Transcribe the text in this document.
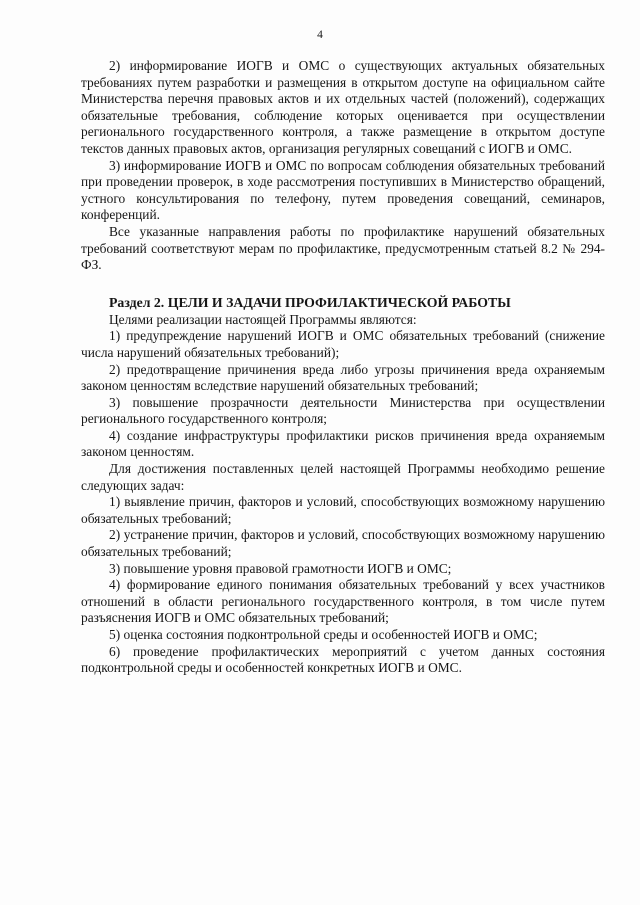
4

2) информирование ИОГВ и ОМС о существующих актуальных обязательных требованиях путем разработки и размещения в открытом доступе на официальном сайте Министерства перечня правовых актов и их отдельных частей (положений), содержащих обязательные требования, соблюдение которых оценивается при осуществлении регионального государственного контроля, а также размещение в открытом доступе текстов данных правовых актов, организация регулярных совещаний с ИОГВ и ОМС.

3) информирование ИОГВ и ОМС по вопросам соблюдения обязательных требований при проведении проверок, в ходе рассмотрения поступивших в Министерство обращений, устного консультирования по телефону, путем проведения совещаний, семинаров, конференций.

Все указанные направления работы по профилактике нарушений обязательных требований соответствуют мерам по профилактике, предусмотренным статьей 8.2 № 294-ФЗ.

Раздел 2. ЦЕЛИ И ЗАДАЧИ ПРОФИЛАКТИЧЕСКОЙ РАБОТЫ

Целями реализации настоящей Программы являются:

1) предупреждение нарушений ИОГВ и ОМС обязательных требований (снижение числа нарушений обязательных требований);

2) предотвращение причинения вреда либо угрозы причинения вреда охраняемым законом ценностям вследствие нарушений обязательных требований;

3) повышение прозрачности деятельности Министерства при осуществлении регионального государственного контроля;

4) создание инфраструктуры профилактики рисков причинения вреда охраняемым законом ценностям.

Для достижения поставленных целей настоящей Программы необходимо решение следующих задач:

1) выявление причин, факторов и условий, способствующих возможному нарушению обязательных требований;

2) устранение причин, факторов и условий, способствующих возможному нарушению обязательных требований;

3) повышение уровня правовой грамотности ИОГВ и ОМС;

4) формирование единого понимания обязательных требований у всех участников отношений в области регионального государственного контроля, в том числе путем разъяснения ИОГВ и ОМС обязательных требований;

5) оценка состояния подконтрольной среды и особенностей ИОГВ и ОМС;

6) проведение профилактических мероприятий с учетом данных состояния подконтрольной среды и особенностей конкретных ИОГВ и ОМС.
